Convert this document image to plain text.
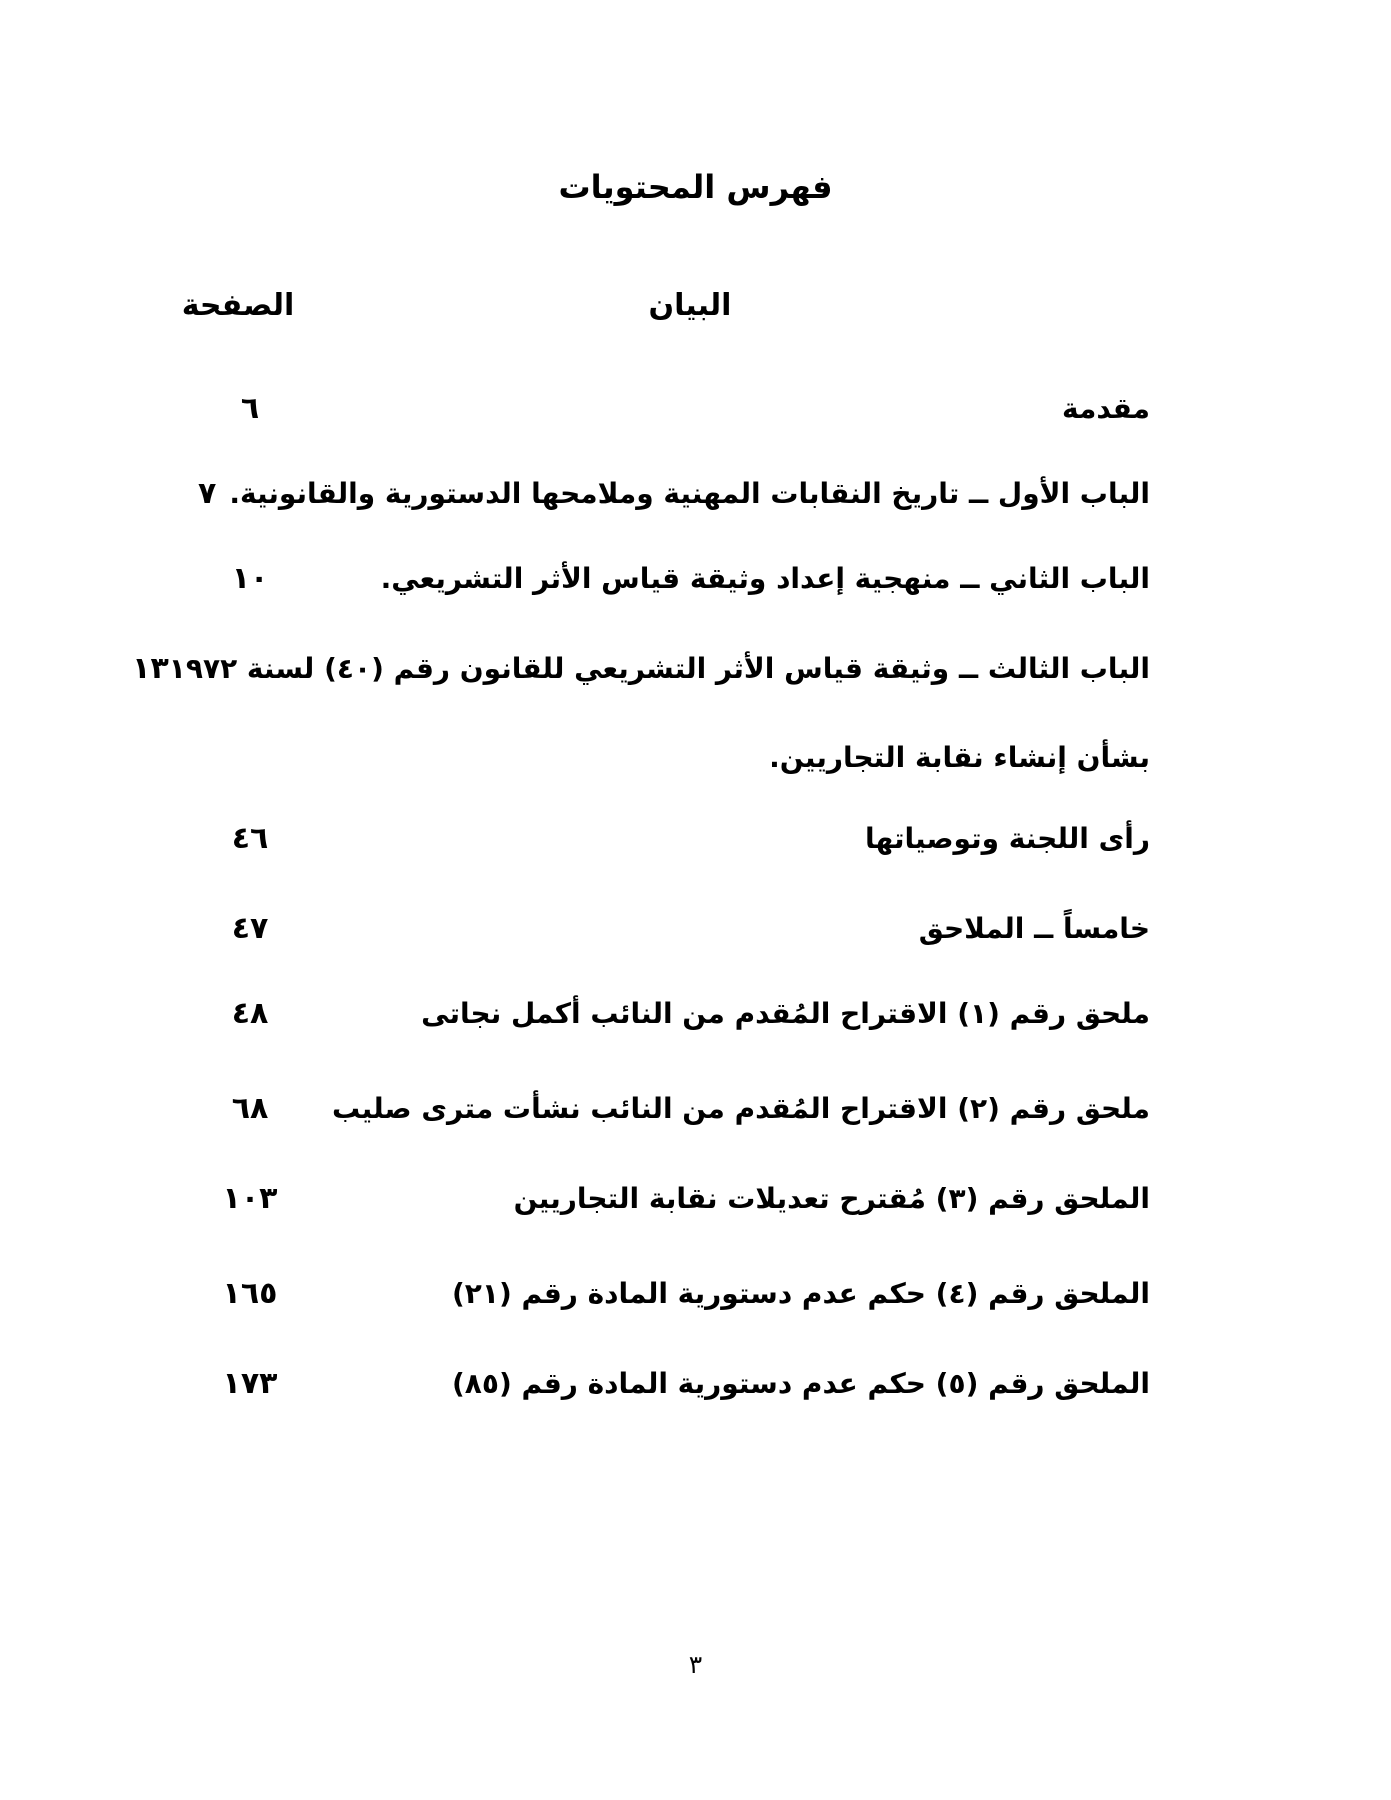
فهرس المحتويات
البيان
الصفحة
مقدمة
٦
الباب الأول ــ تاريخ النقابات المهنية وملامحها الدستورية والقانونية.
٧
الباب الثاني ــ منهجية إعداد وثيقة قياس الأثر التشريعي.
١٠
الباب الثالث ــ وثيقة قياس الأثر التشريعي للقانون رقم (٤٠) لسنة ١٩٧٢
بشأن إنشاء نقابة التجاريين.
١٣
رأى اللجنة وتوصياتها
٤٦
خامساً ــ الملاحق
٤٧
ملحق رقم (١) الاقتراح المُقدم من النائب أكمل نجاتى
٤٨
ملحق رقم (٢) الاقتراح المُقدم من النائب نشأت مترى صليب
٦٨
الملحق رقم (٣) مُقترح تعديلات نقابة التجاريين
١٠٣
الملحق رقم (٤) حكم عدم دستورية المادة رقم (٢١)
١٦٥
الملحق رقم (٥) حكم عدم دستورية المادة رقم (٨٥)
١٧٣
٣
